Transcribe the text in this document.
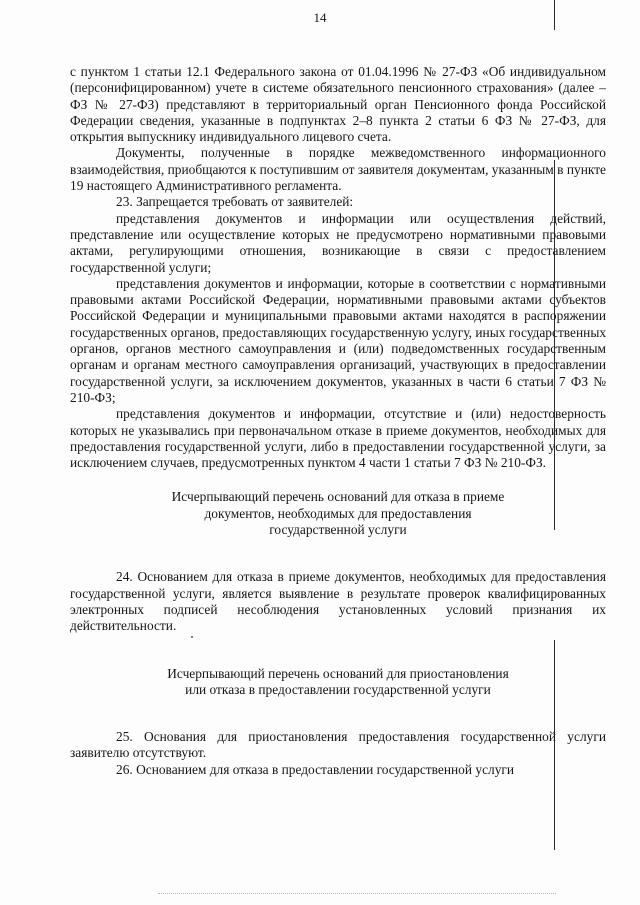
14

с пунктом 1 статьи 12.1 Федерального закона от 01.04.1996 № 27-ФЗ «Об индивидуальном (персонифицированном) учете в системе обязательного пенсионного страхования» (далее – ФЗ № 27-ФЗ) представляют в территориальный орган Пенсионного фонда Российской Федерации сведения, указанные в подпунктах 2–8 пункта 2 статьи 6 ФЗ № 27-ФЗ, для открытия выпускнику индивидуального лицевого счета.

Документы, полученные в порядке межведомственного информационного взаимодействия, приобщаются к поступившим от заявителя документам, указанным в пункте 19 настоящего Административного регламента.

23. Запрещается требовать от заявителей:

представления документов и информации или осуществления действий, представление или осуществление которых не предусмотрено нормативными правовыми актами, регулирующими отношения, возникающие в связи с предоставлением государственной услуги;

представления документов и информации, которые в соответствии с нормативными правовыми актами Российской Федерации, нормативными правовыми актами субъектов Российской Федерации и муниципальными правовыми актами находятся в распоряжении государственных органов, предоставляющих государственную услугу, иных государственных органов, органов местного самоуправления и (или) подведомственных государственным органам и органам местного самоуправления организаций, участвующих в предоставлении государственной услуги, за исключением документов, указанных в части 6 статьи 7 ФЗ № 210-ФЗ;

представления документов и информации, отсутствие и (или) недостоверность которых не указывались при первоначальном отказе в приеме документов, необходимых для предоставления государственной услуги, либо в предоставлении государственной услуги, за исключением случаев, предусмотренных пунктом 4 части 1 статьи 7 ФЗ № 210-ФЗ.

Исчерпывающий перечень оснований для отказа в приеме

документов, необходимых для предоставления

государственной услуги

24. Основанием для отказа в приеме документов, необходимых для предоставления государственной услуги, является выявление в результате проверок квалифицированных электронных подписей несоблюдения установленных условий признания их действительности.

Исчерпывающий перечень оснований для приостановления

или отказа в предоставлении государственной услуги

25. Основания для приостановления предоставления государственной услуги заявителю отсутствуют.

26. Основанием для отказа в предоставлении государственной услуги
